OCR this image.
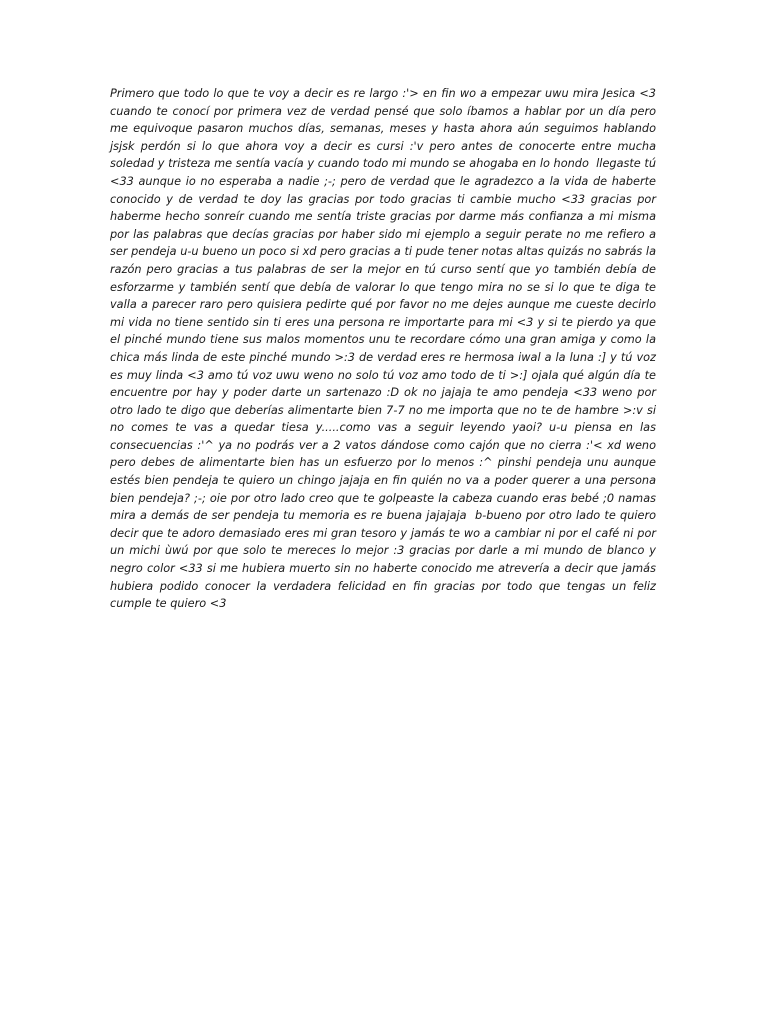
Primero que todo lo que te voy a decir es re largo :'> en fin wo a empezar uwu mira Jesica <3 cuando te conocí por primera vez de verdad pensé que solo íbamos a hablar por un día pero me equivoque pasaron muchos días, semanas, meses y hasta ahora aún seguimos hablando jsjsk perdón si lo que ahora voy a decir es cursi :'v pero antes de conocerte entre mucha soledad y tristeza me sentía vacía y cuando todo mi mundo se ahogaba en lo hondo  llegaste tú <33 aunque io no esperaba a nadie ;-; pero de verdad que le agradezco a la vida de haberte conocido y de verdad te doy las gracias por todo gracias ti cambie mucho <33 gracias por haberme hecho sonreír cuando me sentía triste gracias por darme más confianza a mi misma por las palabras que decías gracias por haber sido mi ejemplo a seguir perate no me refiero a ser pendeja u-u bueno un poco si xd pero gracias a ti pude tener notas altas quizás no sabrás la razón pero gracias a tus palabras de ser la mejor en tú curso sentí que yo también debía de esforzarme y también sentí que debía de valorar lo que tengo mira no se si lo que te diga te valla a parecer raro pero quisiera pedirte qué por favor no me dejes aunque me cueste decirlo mi vida no tiene sentido sin ti eres una persona re importarte para mi <3 y si te pierdo ya que el pinché mundo tiene sus malos momentos unu te recordare cómo una gran amiga y como la chica más linda de este pinché mundo >:3 de verdad eres re hermosa iwal a la luna :] y tú voz es muy linda <3 amo tú voz uwu weno no solo tú voz amo todo de ti >:] ojala qué algún día te encuentre por hay y poder darte un sartenazo :D ok no jajaja te amo pendeja <33 weno por otro lado te digo que deberías alimentarte bien 7-7 no me importa que no te de hambre >:v si no comes te vas a quedar tiesa y.....como vas a seguir leyendo yaoi? u-u piensa en las consecuencias :'^ ya no podrás ver a 2 vatos dándose como cajón que no cierra :'< xd weno pero debes de alimentarte bien has un esfuerzo por lo menos :^ pinshi pendeja unu aunque estés bien pendeja te quiero un chingo jajaja en fin quién no va a poder querer a una persona bien pendeja? ;-; oie por otro lado creo que te golpeaste la cabeza cuando eras bebé ;0 namas mira a demás de ser pendeja tu memoria es re buena jajajaja  b-bueno por otro lado te quiero decir que te adoro demasiado eres mi gran tesoro y jamás te wo a cambiar ni por el café ni por un michi ùwú por que solo te mereces lo mejor :3 gracias por darle a mi mundo de blanco y negro color <33 si me hubiera muerto sin no haberte conocido me atrevería a decir que jamás hubiera podido conocer la verdadera felicidad en fin gracias por todo que tengas un feliz cumple te quiero <3
